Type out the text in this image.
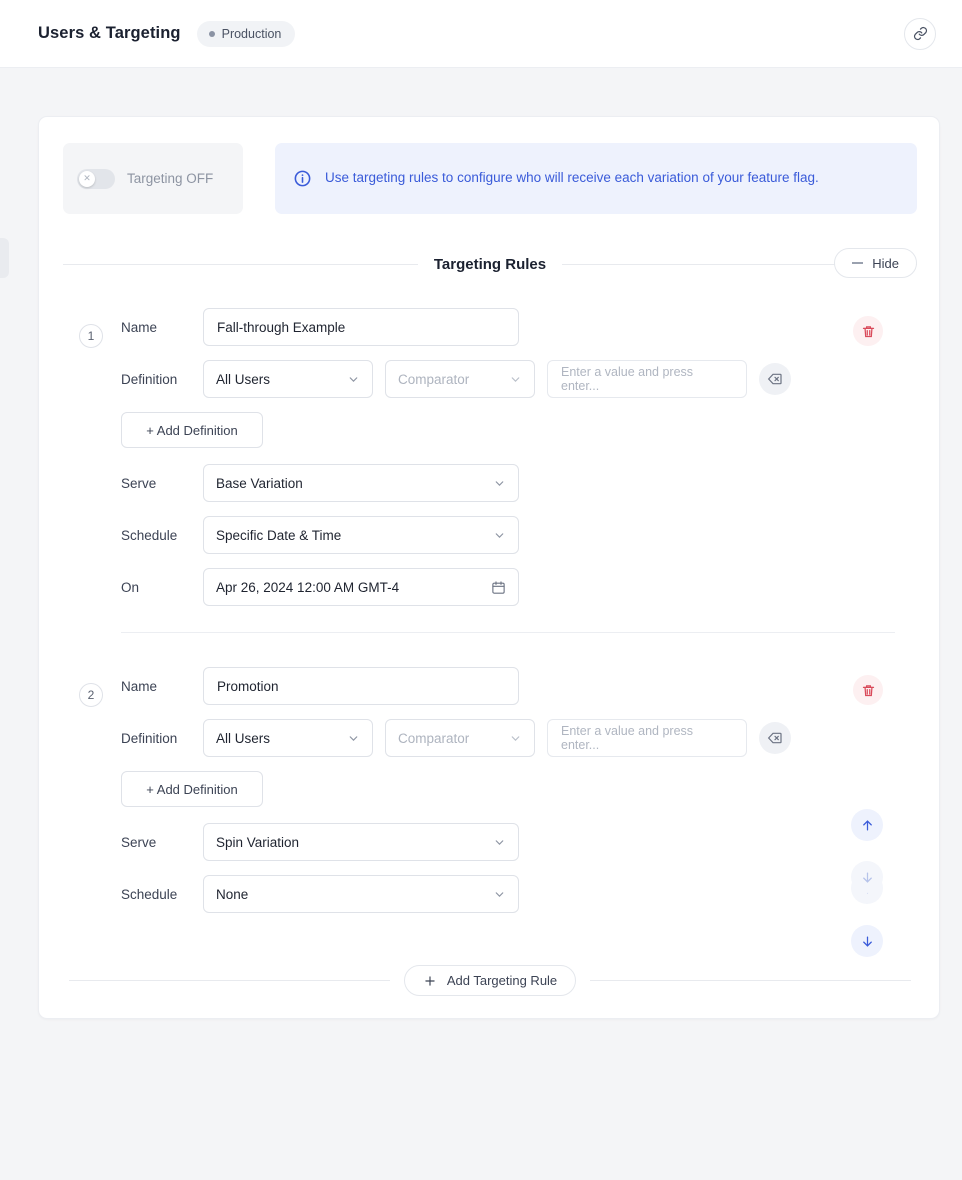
Users & Targeting	Production
✕	Targeting OFF	Use targeting rules to configure who will receive each variation of your feature flag.
Targeting Rules	Hide
1
Name	Fall-through Example
Definition	All Users	Comparator	Enter a value and press enter...
+ Add Definition
Serve	Base Variation
Schedule	Specific Date & Time
On	Apr 26, 2024 12:00 AM GMT-4
2
Name	Promotion
Definition	All Users	Comparator	Enter a value and press enter...
+ Add Definition
Serve	Spin Variation
Schedule	None
Add Targeting Rule
